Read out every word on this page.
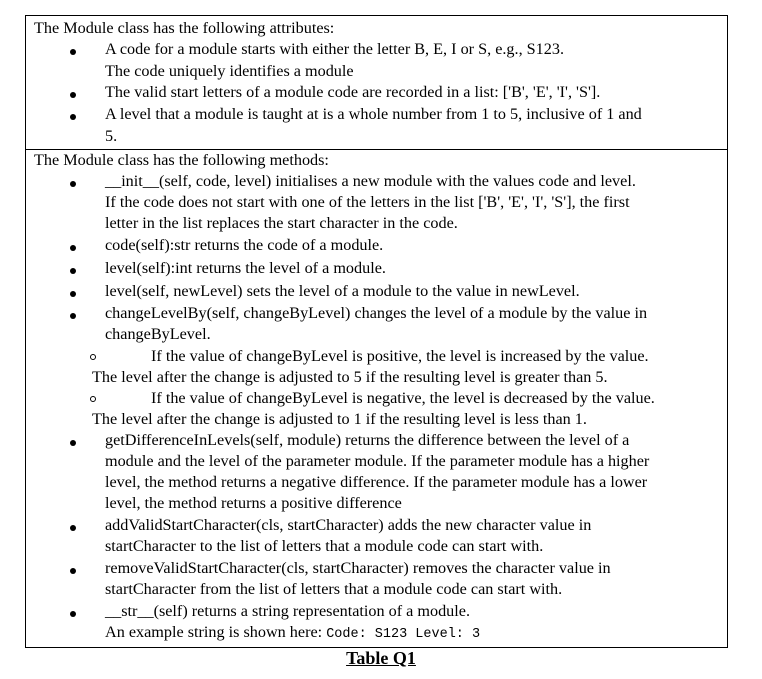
The Module class has the following attributes:
A code for a module starts with either the letter B, E, I or S, e.g., S123.
The code uniquely identifies a module
The valid start letters of a module code are recorded in a list: ['B', 'E', 'I', 'S'].
A level that a module is taught at is a whole number from 1 to 5, inclusive of 1 and
5.
The Module class has the following methods:
__init__(self, code, level) initialises a new module with the values code and level.
If the code does not start with one of the letters in the list ['B', 'E', 'I', 'S'], the first
letter in the list replaces the start character in the code.
code(self):str returns the code of a module.
level(self):int returns the level of a module.
level(self, newLevel) sets the level of a module to the value in newLevel.
changeLevelBy(self, changeByLevel) changes the level of a module by the value in
changeByLevel.
If the value of changeByLevel is positive, the level is increased by the value.
The level after the change is adjusted to 5 if the resulting level is greater than 5.
If the value of changeByLevel is negative, the level is decreased by the value.
The level after the change is adjusted to 1 if the resulting level is less than 1.
getDifferenceInLevels(self, module) returns the difference between the level of a
module and the level of the parameter module. If the parameter module has a higher
level, the method returns a negative difference. If the parameter module has a lower
level, the method returns a positive difference
addValidStartCharacter(cls, startCharacter) adds the new character value in
startCharacter to the list of letters that a module code can start with.
removeValidStartCharacter(cls, startCharacter) removes the character value in
startCharacter from the list of letters that a module code can start with.
__str__(self) returns a string representation of a module.
An example string is shown here: Code: S123 Level: 3
Table Q1
